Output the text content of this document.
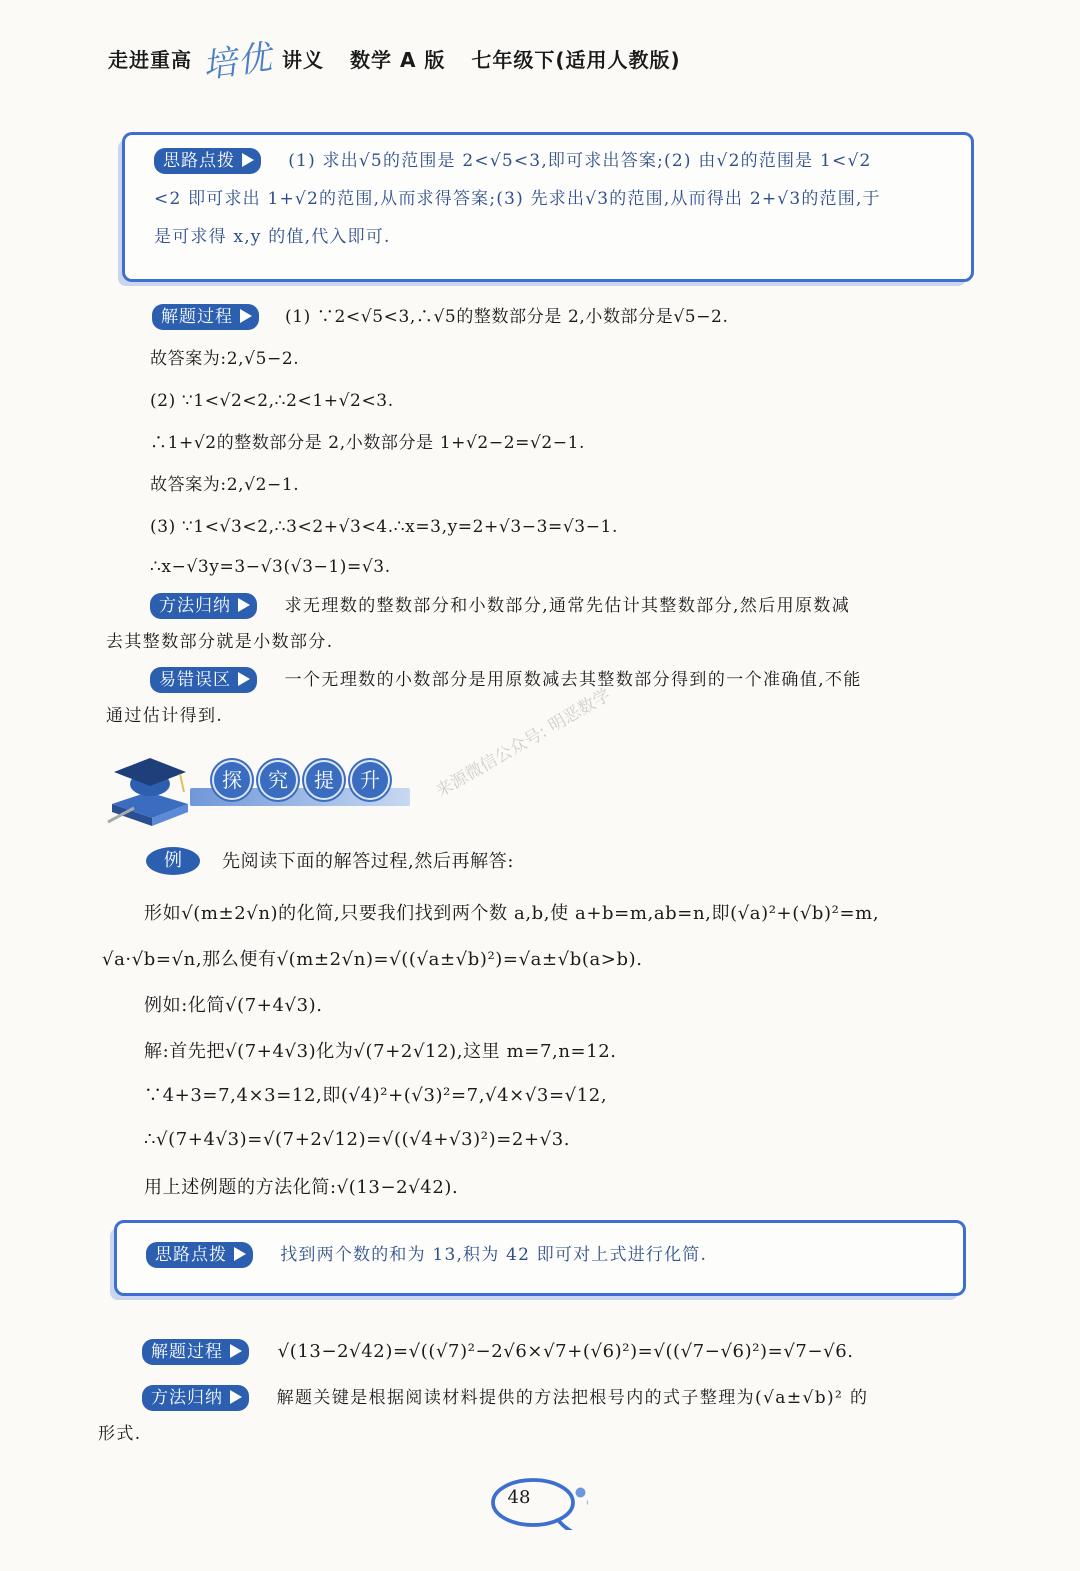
走进重高 培优 讲义 数学 A 版 七年级下(适用人教版)
思路点拨	(1) 求出√5的范围是 2<√5<3,即可求出答案;(2) 由√2的范围是 1<√2
<2 即可求出 1+√2的范围,从而求得答案;(3) 先求出√3的范围,从而得出 2+√3的范围,于
是可求得 x,y 的值,代入即可.
解题过程	(1) ∵2<√5<3,∴√5的整数部分是 2,小数部分是√5−2.
故答案为:2,√5−2.
(2) ∵1<√2<2,∴2<1+√2<3.
∴1+√2的整数部分是 2,小数部分是 1+√2−2=√2−1.
故答案为:2,√2−1.
(3) ∵1<√3<2,∴3<2+√3<4.∴x=3,y=2+√3−3=√3−1.
∴x−√3y=3−√3(√3−1)=√3.
方法归纳	求无理数的整数部分和小数部分,通常先估计其整数部分,然后用原数减
去其整数部分就是小数部分.
易错误区	一个无理数的小数部分是用原数减去其整数部分得到的一个准确值,不能
通过估计得到.
探	究	提	升	来源微信公众号: 明恶数学
例	先阅读下面的解答过程,然后再解答:
形如√(m±2√n)的化简,只要我们找到两个数 a,b,使 a+b=m,ab=n,即(√a)²+(√b)²=m,
√a·√b=√n,那么便有√(m±2√n)=√((√a±√b)²)=√a±√b(a>b).
例如:化简√(7+4√3).
解:首先把√(7+4√3)化为√(7+2√12),这里 m=7,n=12.
∵4+3=7,4×3=12,即(√4)²+(√3)²=7,√4×√3=√12,
∴√(7+4√3)=√(7+2√12)=√((√4+√3)²)=2+√3.
用上述例题的方法化简:√(13−2√42).
思路点拨	找到两个数的和为 13,积为 42 即可对上式进行化简.
解题过程	√(13−2√42)=√((√7)²−2√6×√7+(√6)²)=√((√7−√6)²)=√7−√6.
方法归纳	解题关键是根据阅读材料提供的方法把根号内的式子整理为(√a±√b)² 的
形式.
48
